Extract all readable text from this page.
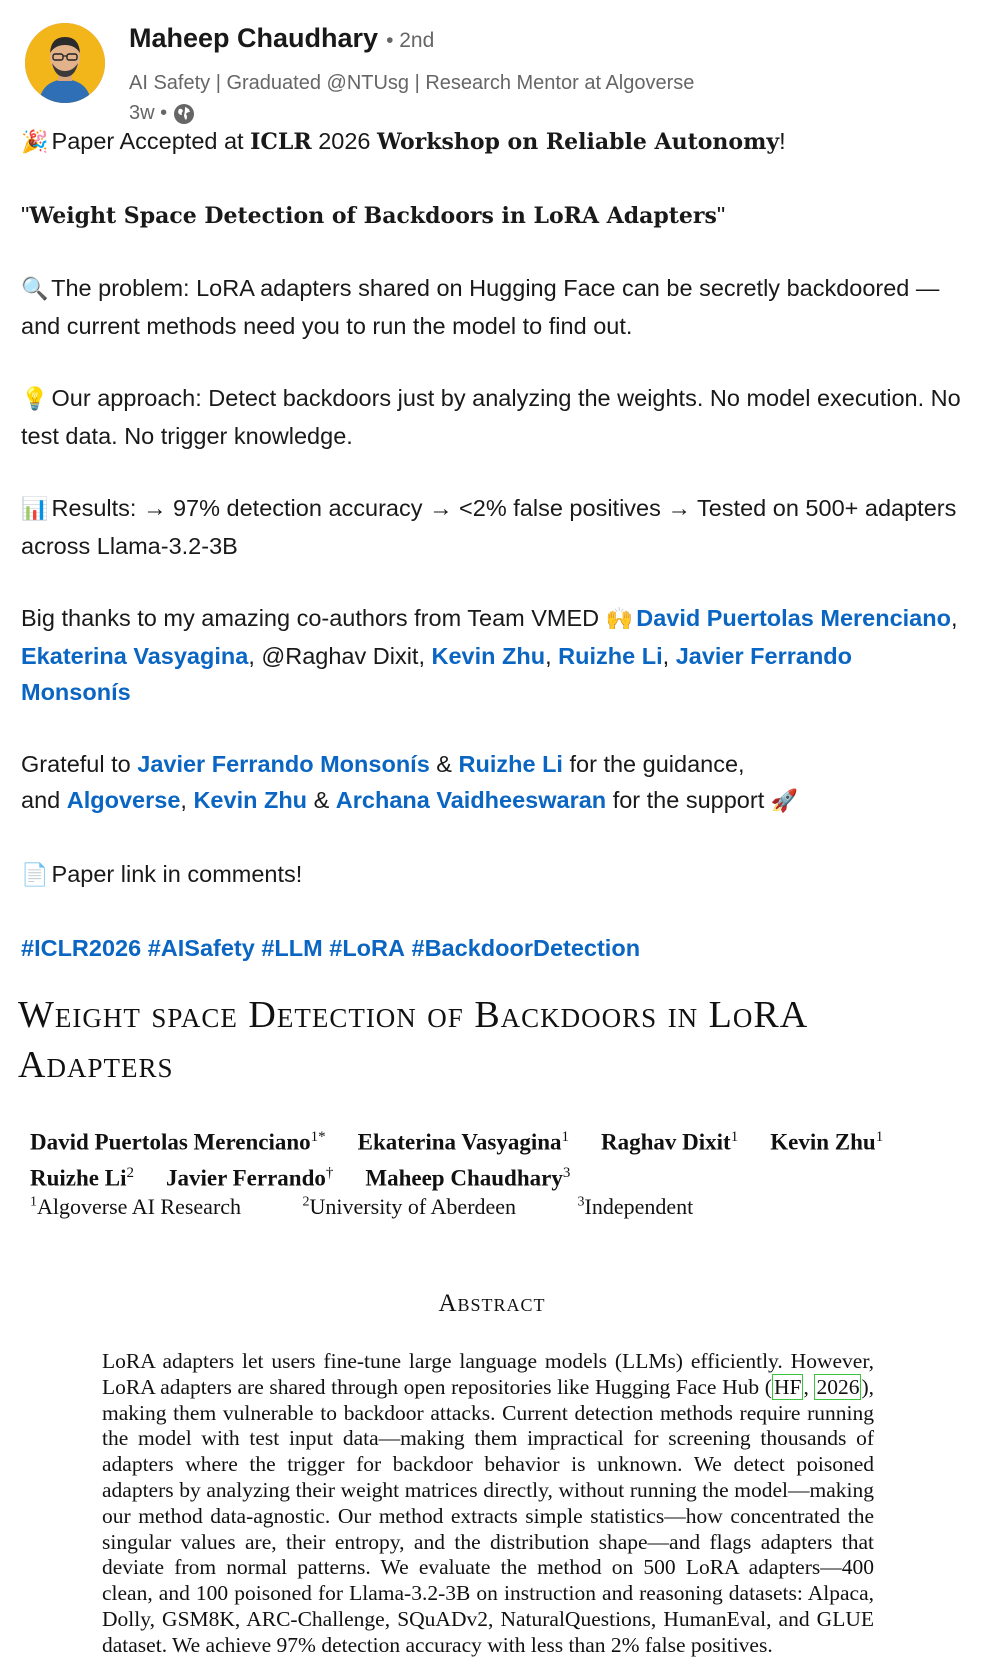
Maheep Chaudhary • 2nd
AI Safety | Graduated @NTUsg | Research Mentor at Algoverse
3w •

🎉 Paper Accepted at ICLR 2026 Workshop on Reliable Autonomy!

"Weight Space Detection of Backdoors in LoRA Adapters"

🔍 The problem: LoRA adapters shared on Hugging Face can be secretly backdoored — and current methods need you to run the model to find out.

💡 Our approach: Detect backdoors just by analyzing the weights. No model execution. No test data. No trigger knowledge.

📊 Results: → 97% detection accuracy → <2% false positives → Tested on 500+ adapters across Llama-3.2-3B

Big thanks to my amazing co-authors from Team VMED 🙌 David Puertolas Merenciano, Ekaterina Vasyagina, @Raghav Dixit, Kevin Zhu, Ruizhe Li, Javier Ferrando Monsonís

Grateful to Javier Ferrando Monsonís & Ruizhe Li for the guidance,
and Algoverse, Kevin Zhu & Archana Vaidheeswaran for the support 🚀

📄 Paper link in comments!

#ICLR2026 #AISafety #LLM #LoRA #BackdoorDetection

Weight space Detection of Backdoors in LoRA
Adapters
David Puertolas Merenciano$^{1*}$ Ekaterina Vasyagina$^1$ Raghav Dixit$^1$ Kevin Zhu$^1$
Ruizhe Li$^2$ Javier Ferrando† Maheep Chaudhary$^3$
$^1$Algoverse AI Research	$^2$University of Aberdeen	$^3$Independent
Abstract
LoRA adapters let users fine-tune large language models (LLMs) efficiently. However, LoRA adapters are shared through open repositories like Hugging Face Hub (HF, 2026), making them vulnerable to backdoor attacks. Current detection methods require running the model with test input data—making them impractical for screening thousands of adapters where the trigger for backdoor behavior is unknown. We detect poisoned adapters by analyzing their weight matrices directly, without running the model—making our method data-agnostic. Our method extracts simple statistics—how concentrated the singular values are, their entropy, and the distribution shape—and flags adapters that deviate from normal patterns. We evaluate the method on 500 LoRA adapters—400 clean, and 100 poisoned for Llama-3.2-3B on instruction and reasoning datasets: Alpaca, Dolly, GSM8K, ARC-Challenge, SQuADv2, NaturalQuestions, HumanEval, and GLUE dataset. We achieve 97% detection accuracy with less than 2% false positives.
